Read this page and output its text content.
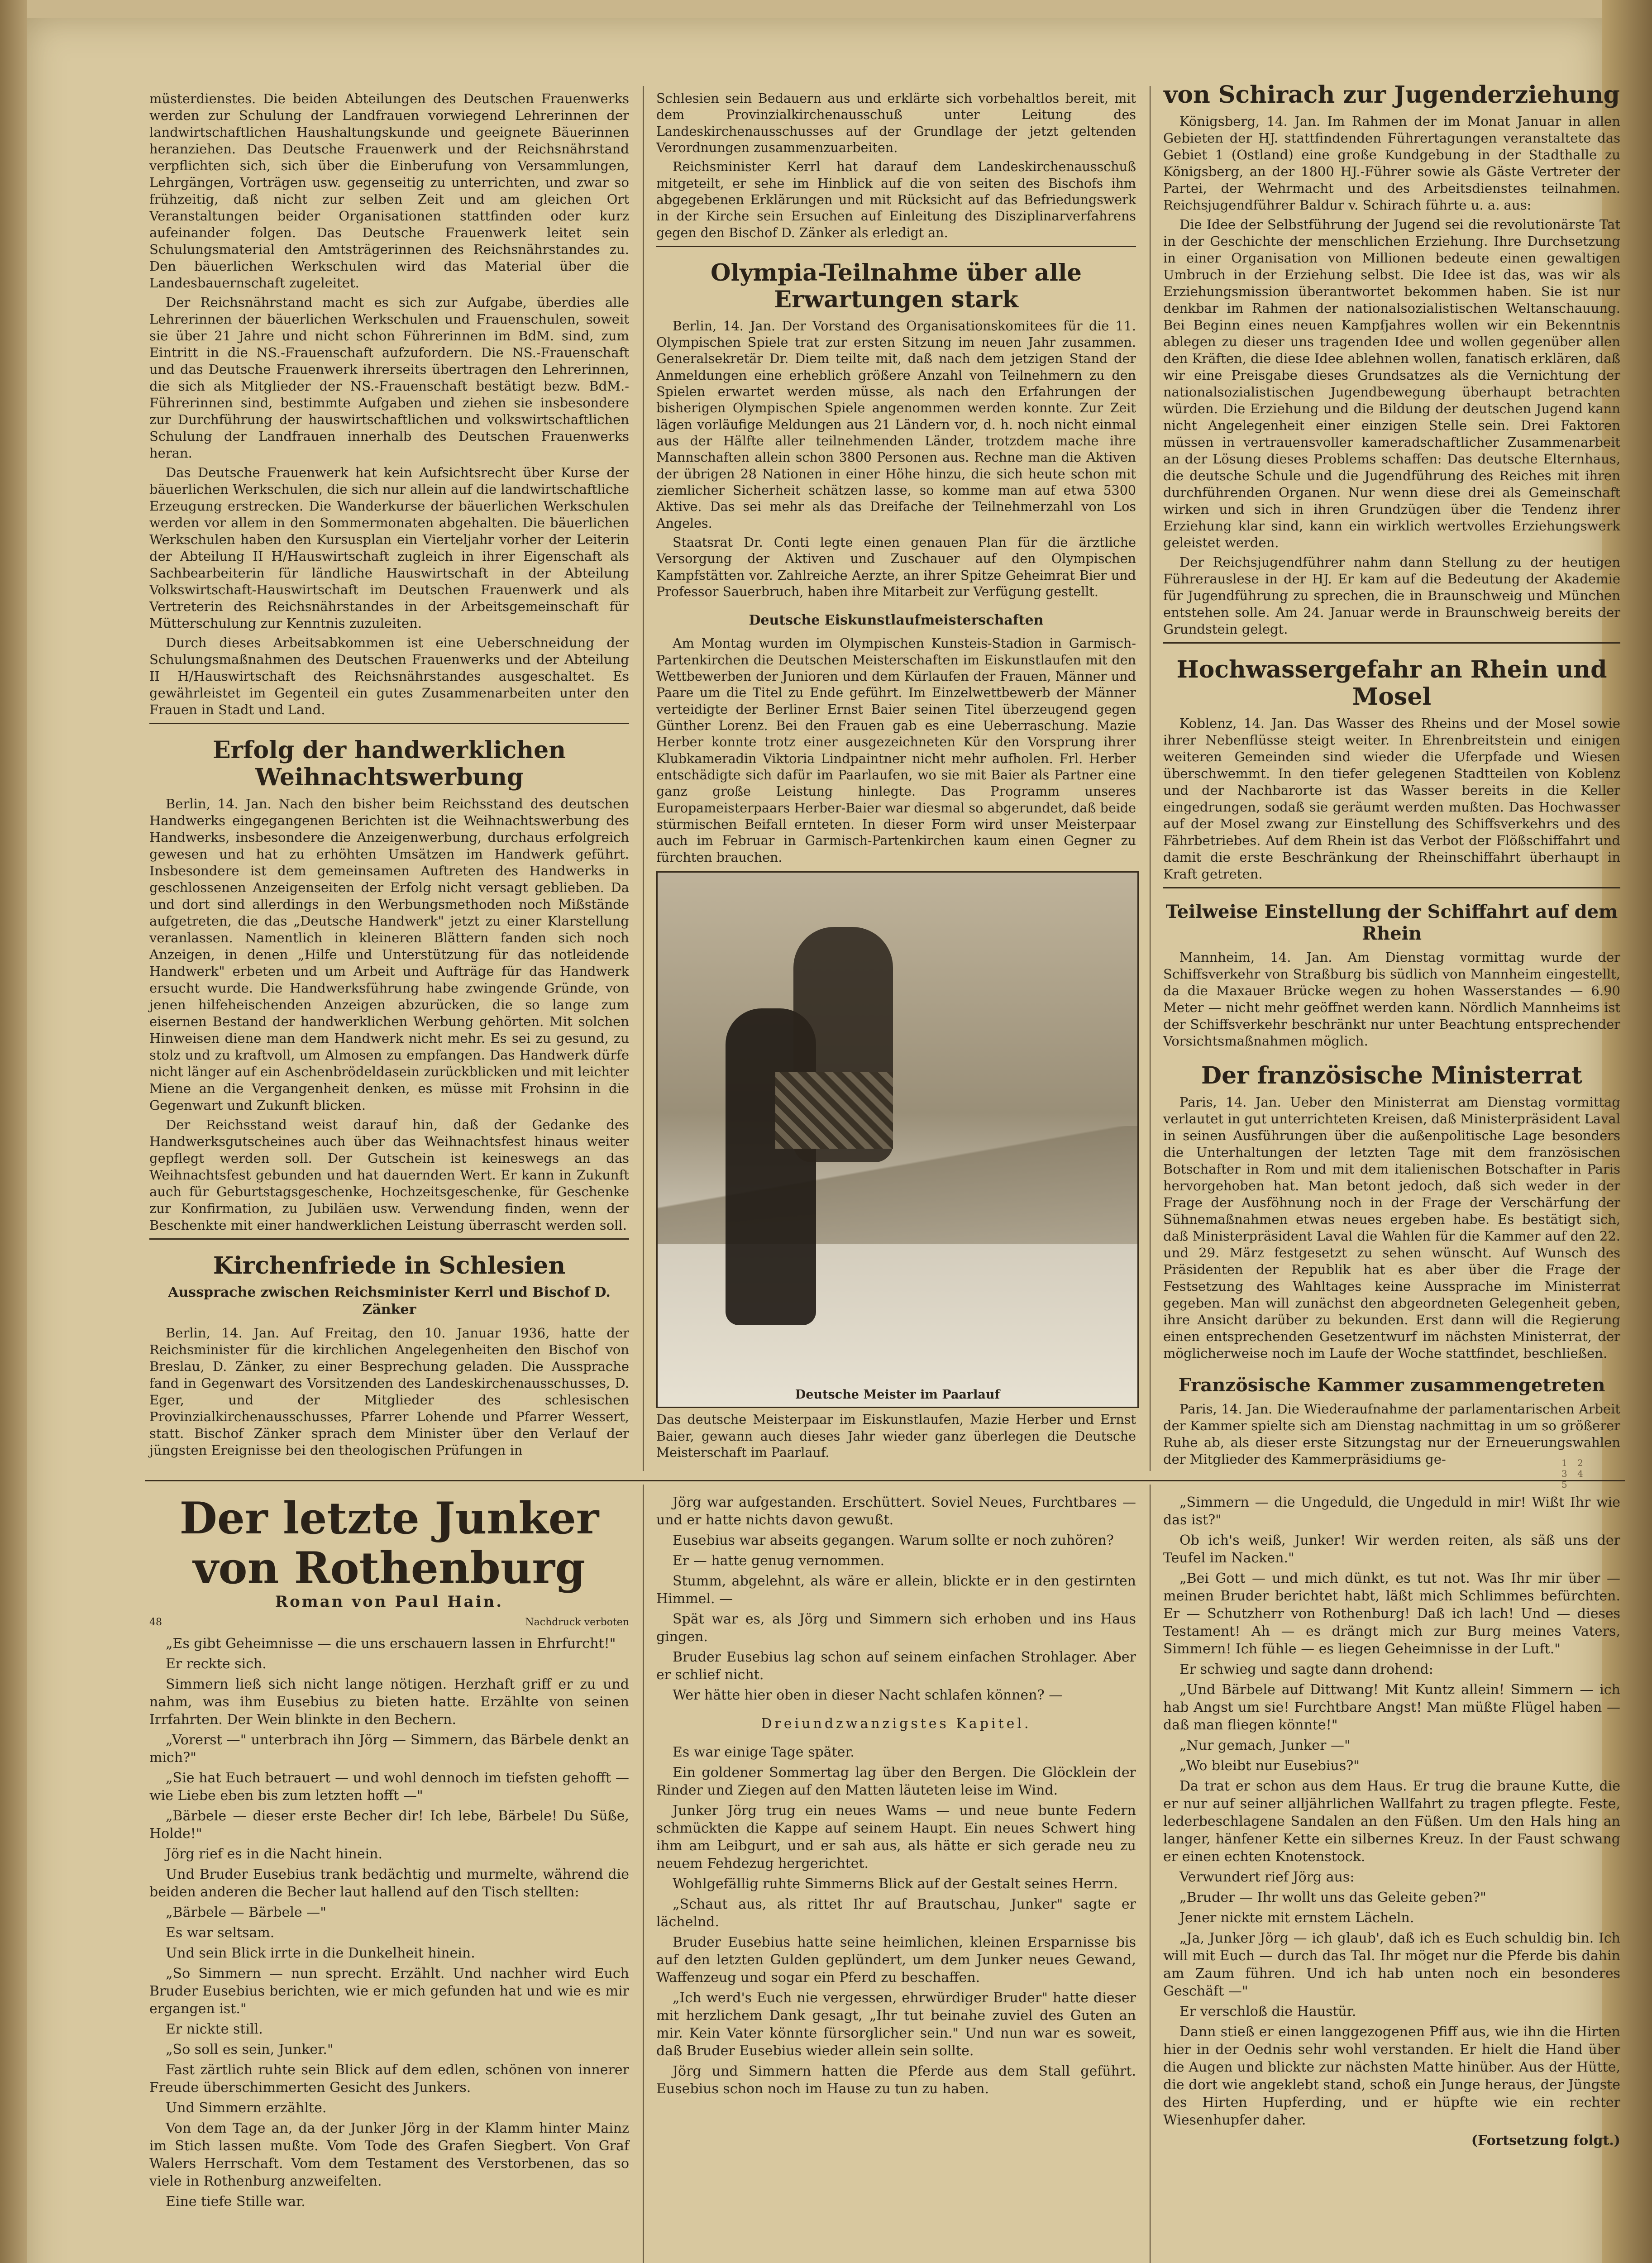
müsterdienstes. Die beiden Abteilungen des Deutschen Frauenwerks werden zur Schulung der Landfrauen vorwiegend Lehrerinnen der landwirtschaftlichen Haushaltungskunde und geeignete Bäuerinnen heranziehen. Das Deutsche Frauenwerk und der Reichsnährstand verpflichten sich, sich über die Einberufung von Versammlungen, Lehrgängen, Vorträgen usw. gegenseitig zu unterrichten, und zwar so frühzeitig, daß nicht zur selben Zeit und am gleichen Ort Veranstaltungen beider Organisationen stattfinden oder kurz aufeinander folgen. Das Deutsche Frauenwerk leitet sein Schulungsmaterial den Amtsträgerinnen des Reichsnährstandes zu. Den bäuerlichen Werkschulen wird das Material über die Landesbauernschaft zugeleitet.

Der Reichsnährstand macht es sich zur Aufgabe, überdies alle Lehrerinnen der bäuerlichen Werkschulen und Frauenschulen, soweit sie über 21 Jahre und nicht schon Führerinnen im BdM. sind, zum Eintritt in die NS.-Frauenschaft aufzufordern. Die NS.-Frauenschaft und das Deutsche Frauenwerk ihrerseits übertragen den Lehrerinnen, die sich als Mitglieder der NS.-Frauenschaft bestätigt bezw. BdM.-Führerinnen sind, bestimmte Aufgaben und ziehen sie insbesondere zur Durchführung der hauswirtschaftlichen und volkswirtschaftlichen Schulung der Landfrauen innerhalb des Deutschen Frauenwerks heran.

Das Deutsche Frauenwerk hat kein Aufsichtsrecht über Kurse der bäuerlichen Werkschulen, die sich nur allein auf die landwirtschaftliche Erzeugung erstrecken. Die Wanderkurse der bäuerlichen Werkschulen werden vor allem in den Sommermonaten abgehalten. Die bäuerlichen Werkschulen haben den Kursusplan ein Vierteljahr vorher der Leiterin der Abteilung II H/Hauswirtschaft zugleich in ihrer Eigenschaft als Sachbearbeiterin für ländliche Hauswirtschaft in der Abteilung Volkswirtschaft-Hauswirtschaft im Deutschen Frauenwerk und als Vertreterin des Reichsnährstandes in der Arbeitsgemeinschaft für Mütterschulung zur Kenntnis zuzuleiten.

Durch dieses Arbeitsabkommen ist eine Ueberschneidung der Schulungsmaßnahmen des Deutschen Frauenwerks und der Abteilung II H/Hauswirtschaft des Reichsnährstandes ausgeschaltet. Es gewährleistet im Gegenteil ein gutes Zusammenarbeiten unter den Frauen in Stadt und Land.

Erfolg der handwerklichen Weihnachtswerbung

Berlin, 14. Jan. Nach den bisher beim Reichsstand des deutschen Handwerks eingegangenen Berichten ist die Weihnachtswerbung des Handwerks, insbesondere die Anzeigenwerbung, durchaus erfolgreich gewesen und hat zu erhöhten Umsätzen im Handwerk geführt. Insbesondere ist dem gemeinsamen Auftreten des Handwerks in geschlossenen Anzeigenseiten der Erfolg nicht versagt geblieben. Da und dort sind allerdings in den Werbungsmethoden noch Mißstände aufgetreten, die das „Deutsche Handwerk" jetzt zu einer Klarstellung veranlassen. Namentlich in kleineren Blättern fanden sich noch Anzeigen, in denen „Hilfe und Unterstützung für das notleidende Handwerk" erbeten und um Arbeit und Aufträge für das Handwerk ersucht wurde. Die Handwerksführung habe zwingende Gründe, von jenen hilfeheischenden Anzeigen abzurücken, die so lange zum eisernen Bestand der handwerklichen Werbung gehörten. Mit solchen Hinweisen diene man dem Handwerk nicht mehr. Es sei zu gesund, zu stolz und zu kraftvoll, um Almosen zu empfangen. Das Handwerk dürfe nicht länger auf ein Aschenbrödeldasein zurückblicken und mit leichter Miene an die Vergangenheit denken, es müsse mit Frohsinn in die Gegenwart und Zukunft blicken.

Der Reichsstand weist darauf hin, daß der Gedanke des Handwerksgutscheines auch über das Weihnachtsfest hinaus weiter gepflegt werden soll. Der Gutschein ist keineswegs an das Weihnachtsfest gebunden und hat dauernden Wert. Er kann in Zukunft auch für Geburtstagsgeschenke, Hochzeitsgeschenke, für Geschenke zur Konfirmation, zu Jubiläen usw. Verwendung finden, wenn der Beschenkte mit einer handwerklichen Leistung überrascht werden soll.

Kirchenfriede in Schlesien
Aussprache zwischen Reichsminister Kerrl und Bischof D. Zänker

Berlin, 14. Jan. Auf Freitag, den 10. Januar 1936, hatte der Reichsminister für die kirchlichen Angelegenheiten den Bischof von Breslau, D. Zänker, zu einer Besprechung geladen. Die Aussprache fand in Gegenwart des Vorsitzenden des Landeskirchenausschusses, D. Eger, und der Mitglieder des schlesischen Provinzialkirchenausschusses, Pfarrer Lohende und Pfarrer Wessert, statt. Bischof Zänker sprach dem Minister über den Verlauf der jüngsten Ereignisse bei den theologischen Prüfungen in

Schlesien sein Bedauern aus und erklärte sich vorbehaltlos bereit, mit dem Provinzialkirchenausschuß unter Leitung des Landeskirchenausschusses auf der Grundlage der jetzt geltenden Verordnungen zusammenzuarbeiten.

Reichsminister Kerrl hat darauf dem Landeskirchenausschuß mitgeteilt, er sehe im Hinblick auf die von seiten des Bischofs ihm abgegebenen Erklärungen und mit Rücksicht auf das Befriedungswerk in der Kirche sein Ersuchen auf Einleitung des Disziplinarverfahrens gegen den Bischof D. Zänker als erledigt an.

Olympia-Teilnahme über alle Erwartungen stark

Berlin, 14. Jan. Der Vorstand des Organisationskomitees für die 11. Olympischen Spiele trat zur ersten Sitzung im neuen Jahr zusammen. Generalsekretär Dr. Diem teilte mit, daß nach dem jetzigen Stand der Anmeldungen eine erheblich größere Anzahl von Teilnehmern zu den Spielen erwartet werden müsse, als nach den Erfahrungen der bisherigen Olympischen Spiele angenommen werden konnte. Zur Zeit lägen vorläufige Meldungen aus 21 Ländern vor, d. h. noch nicht einmal aus der Hälfte aller teilnehmenden Länder, trotzdem mache ihre Mannschaften allein schon 3800 Personen aus. Rechne man die Aktiven der übrigen 28 Nationen in einer Höhe hinzu, die sich heute schon mit ziemlicher Sicherheit schätzen lasse, so komme man auf etwa 5300 Aktive. Das sei mehr als das Dreifache der Teilnehmerzahl von Los Angeles.

Staatsrat Dr. Conti legte einen genauen Plan für die ärztliche Versorgung der Aktiven und Zuschauer auf den Olympischen Kampfstätten vor. Zahlreiche Aerzte, an ihrer Spitze Geheimrat Bier und Professor Sauerbruch, haben ihre Mitarbeit zur Verfügung gestellt.

Deutsche Eiskunstlaufmeisterschaften

Am Montag wurden im Olympischen Kunsteis-Stadion in Garmisch-Partenkirchen die Deutschen Meisterschaften im Eiskunstlaufen mit den Wettbewerben der Junioren und dem Kürlaufen der Frauen, Männer und Paare um die Titel zu Ende geführt. Im Einzelwettbewerb der Männer verteidigte der Berliner Ernst Baier seinen Titel überzeugend gegen Günther Lorenz. Bei den Frauen gab es eine Ueberraschung. Mazie Herber konnte trotz einer ausgezeichneten Kür den Vorsprung ihrer Klubkameradin Viktoria Lindpaintner nicht mehr aufholen. Frl. Herber entschädigte sich dafür im Paarlaufen, wo sie mit Baier als Partner eine ganz große Leistung hinlegte. Das Programm unseres Europameisterpaars Herber-Baier war diesmal so abgerundet, daß beide stürmischen Beifall ernteten. In dieser Form wird unser Meisterpaar auch im Februar in Garmisch-Partenkirchen kaum einen Gegner zu fürchten brauchen.

Deutsche Meister im Paarlauf

Das deutsche Meisterpaar im Eiskunstlaufen, Mazie Herber und Ernst Baier, gewann auch dieses Jahr wieder ganz überlegen die Deutsche Meisterschaft im Paarlauf.

von Schirach zur Jugenderziehung

Königsberg, 14. Jan. Im Rahmen der im Monat Januar in allen Gebieten der HJ. stattfindenden Führertagungen veranstaltete das Gebiet 1 (Ostland) eine große Kundgebung in der Stadthalle zu Königsberg, an der 1800 HJ.-Führer sowie als Gäste Vertreter der Partei, der Wehrmacht und des Arbeitsdienstes teilnahmen. Reichsjugendführer Baldur v. Schirach führte u. a. aus:

Die Idee der Selbstführung der Jugend sei die revolutionärste Tat in der Geschichte der menschlichen Erziehung. Ihre Durchsetzung in einer Organisation von Millionen bedeute einen gewaltigen Umbruch in der Erziehung selbst. Die Idee ist das, was wir als Erziehungsmission überantwortet bekommen haben. Sie ist nur denkbar im Rahmen der nationalsozialistischen Weltanschauung. Bei Beginn eines neuen Kampfjahres wollen wir ein Bekenntnis ablegen zu dieser uns tragenden Idee und wollen gegenüber allen den Kräften, die diese Idee ablehnen wollen, fanatisch erklären, daß wir eine Preisgabe dieses Grundsatzes als die Vernichtung der nationalsozialistischen Jugendbewegung überhaupt betrachten würden. Die Erziehung und die Bildung der deutschen Jugend kann nicht Angelegenheit einer einzigen Stelle sein. Drei Faktoren müssen in vertrauensvoller kameradschaftlicher Zusammenarbeit an der Lösung dieses Problems schaffen: Das deutsche Elternhaus, die deutsche Schule und die Jugendführung des Reiches mit ihren durchführenden Organen. Nur wenn diese drei als Gemeinschaft wirken und sich in ihren Grundzügen über die Tendenz ihrer Erziehung klar sind, kann ein wirklich wertvolles Erziehungswerk geleistet werden.

Der Reichsjugendführer nahm dann Stellung zu der heutigen Führerauslese in der HJ. Er kam auf die Bedeutung der Akademie für Jugendführung zu sprechen, die in Braunschweig und München entstehen solle. Am 24. Januar werde in Braunschweig bereits der Grundstein gelegt.

Hochwassergefahr an Rhein und Mosel

Koblenz, 14. Jan. Das Wasser des Rheins und der Mosel sowie ihrer Nebenflüsse steigt weiter. In Ehrenbreitstein und einigen weiteren Gemeinden sind wieder die Uferpfade und Wiesen überschwemmt. In den tiefer gelegenen Stadtteilen von Koblenz und der Nachbarorte ist das Wasser bereits in die Keller eingedrungen, sodaß sie geräumt werden mußten. Das Hochwasser auf der Mosel zwang zur Einstellung des Schiffsverkehrs und des Fährbetriebes. Auf dem Rhein ist das Verbot der Flößschiffahrt und damit die erste Beschränkung der Rheinschiffahrt überhaupt in Kraft getreten.

Teilweise Einstellung der Schiffahrt auf dem Rhein

Mannheim, 14. Jan. Am Dienstag vormittag wurde der Schiffsverkehr von Straßburg bis südlich von Mannheim eingestellt, da die Maxauer Brücke wegen zu hohen Wasserstandes — 6.90 Meter — nicht mehr geöffnet werden kann. Nördlich Mannheims ist der Schiffsverkehr beschränkt nur unter Beachtung entsprechender Vorsichtsmaßnahmen möglich.

Der französische Ministerrat

Paris, 14. Jan. Ueber den Ministerrat am Dienstag vormittag verlautet in gut unterrichteten Kreisen, daß Ministerpräsident Laval in seinen Ausführungen über die außenpolitische Lage besonders die Unterhaltungen der letzten Tage mit dem französischen Botschafter in Rom und mit dem italienischen Botschafter in Paris hervorgehoben hat. Man betont jedoch, daß sich weder in der Frage der Ausföhnung noch in der Frage der Verschärfung der Sühnemaßnahmen etwas neues ergeben habe. Es bestätigt sich, daß Ministerpräsident Laval die Wahlen für die Kammer auf den 22. und 29. März festgesetzt zu sehen wünscht. Auf Wunsch des Präsidenten der Republik hat es aber über die Frage der Festsetzung des Wahltages keine Aussprache im Ministerrat gegeben. Man will zunächst den abgeordneten Gelegenheit geben, ihre Ansicht darüber zu bekunden. Erst dann will die Regierung einen entsprechenden Gesetzentwurf im nächsten Ministerrat, der möglicherweise noch im Laufe der Woche stattfindet, beschließen.

Französische Kammer zusammengetreten

Paris, 14. Jan. Die Wiederaufnahme der parlamentarischen Arbeit der Kammer spielte sich am Dienstag nachmittag in um so größerer Ruhe ab, als dieser erste Sitzungstag nur der Erneuerungswahlen der Mitglieder des Kammerpräsidiums ge-

Der letzte Junker von Rothenburg
Roman von Paul Hain.
48	Nachdruck verboten

„Es gibt Geheimnisse — die uns erschauern lassen in Ehrfurcht!"

Er reckte sich.

Simmern ließ sich nicht lange nötigen. Herzhaft griff er zu und nahm, was ihm Eusebius zu bieten hatte. Erzählte von seinen Irrfahrten. Der Wein blinkte in den Bechern.

„Vorerst —" unterbrach ihn Jörg — Simmern, das Bärbele denkt an mich?"

„Sie hat Euch betrauert — und wohl dennoch im tiefsten gehofft — wie Liebe eben bis zum letzten hofft —"

„Bärbele — dieser erste Becher dir! Ich lebe, Bärbele! Du Süße, Holde!"

Jörg rief es in die Nacht hinein.

Und Bruder Eusebius trank bedächtig und murmelte, während die beiden anderen die Becher laut hallend auf den Tisch stellten:

„Bärbele — Bärbele —"

Es war seltsam.

Und sein Blick irrte in die Dunkelheit hinein.

„So Simmern — nun sprecht. Erzählt. Und nachher wird Euch Bruder Eusebius berichten, wie er mich gefunden hat und wie es mir ergangen ist."

Er nickte still.

„So soll es sein, Junker."

Fast zärtlich ruhte sein Blick auf dem edlen, schönen von innerer Freude überschimmerten Gesicht des Junkers.

Und Simmern erzählte.

Von dem Tage an, da der Junker Jörg in der Klamm hinter Mainz im Stich lassen mußte. Vom Tode des Grafen Siegbert. Von Graf Walers Herrschaft. Vom dem Testament des Verstorbenen, das so viele in Rothenburg anzweifelten.

Eine tiefe Stille war.

Jörg war aufgestanden. Erschüttert. Soviel Neues, Furchtbares — und er hatte nichts davon gewußt.

Eusebius war abseits gegangen. Warum sollte er noch zuhören?

Er — hatte genug vernommen.

Stumm, abgelehnt, als wäre er allein, blickte er in den gestirnten Himmel. —

Spät war es, als Jörg und Simmern sich erhoben und ins Haus gingen.

Bruder Eusebius lag schon auf seinem einfachen Strohlager. Aber er schlief nicht.

Wer hätte hier oben in dieser Nacht schlafen können? —

Dreiundzwanzigstes Kapitel.

Es war einige Tage später.

Ein goldener Sommertag lag über den Bergen. Die Glöcklein der Rinder und Ziegen auf den Matten läuteten leise im Wind.

Junker Jörg trug ein neues Wams — und neue bunte Federn schmückten die Kappe auf seinem Haupt. Ein neues Schwert hing ihm am Leibgurt, und er sah aus, als hätte er sich gerade neu zu neuem Fehdezug hergerichtet.

Wohlgefällig ruhte Simmerns Blick auf der Gestalt seines Herrn.

„Schaut aus, als rittet Ihr auf Brautschau, Junker" sagte er lächelnd.

Bruder Eusebius hatte seine heimlichen, kleinen Ersparnisse bis auf den letzten Gulden geplündert, um dem Junker neues Gewand, Waffenzeug und sogar ein Pferd zu beschaffen.

„Ich werd's Euch nie vergessen, ehrwürdiger Bruder" hatte dieser mit herzlichem Dank gesagt, „Ihr tut beinahe zuviel des Guten an mir. Kein Vater könnte fürsorglicher sein." Und nun war es soweit, daß Bruder Eusebius wieder allein sein sollte.

Jörg und Simmern hatten die Pferde aus dem Stall geführt. Eusebius schon noch im Hause zu tun zu haben.

„Simmern — die Ungeduld, die Ungeduld in mir! Wißt Ihr wie das ist?"

Ob ich's weiß, Junker! Wir werden reiten, als säß uns der Teufel im Nacken."

„Bei Gott — und mich dünkt, es tut not. Was Ihr mir über — meinen Bruder berichtet habt, läßt mich Schlimmes befürchten. Er — Schutzherr von Rothenburg! Daß ich lach! Und — dieses Testament! Ah — es drängt mich zur Burg meines Vaters, Simmern! Ich fühle — es liegen Geheimnisse in der Luft."

Er schwieg und sagte dann drohend:

„Und Bärbele auf Dittwang! Mit Kuntz allein! Simmern — ich hab Angst um sie! Furchtbare Angst! Man müßte Flügel haben — daß man fliegen könnte!"

„Nur gemach, Junker —"

„Wo bleibt nur Eusebius?"

Da trat er schon aus dem Haus. Er trug die braune Kutte, die er nur auf seiner alljährlichen Wallfahrt zu tragen pflegte. Feste, lederbeschlagene Sandalen an den Füßen. Um den Hals hing an langer, hänfener Kette ein silbernes Kreuz. In der Faust schwang er einen echten Knotenstock.

Verwundert rief Jörg aus:

„Bruder — Ihr wollt uns das Geleite geben?"

Jener nickte mit ernstem Lächeln.

„Ja, Junker Jörg — ich glaub', daß ich es Euch schuldig bin. Ich will mit Euch — durch das Tal. Ihr möget nur die Pferde bis dahin am Zaum führen. Und ich hab unten noch ein besonderes Geschäft —"

Er verschloß die Haustür.

Dann stieß er einen langgezogenen Pfiff aus, wie ihn die Hirten hier in der Oednis sehr wohl verstanden. Er hielt die Hand über die Augen und blickte zur nächsten Matte hinüber. Aus der Hütte, die dort wie angeklebt stand, schoß ein Junge heraus, der Jüngste des Hirten Hupferding, und er hüpfte wie ein rechter Wiesenhupfer daher.

(Fortsetzung folgt.)

1 2 3 4 5
